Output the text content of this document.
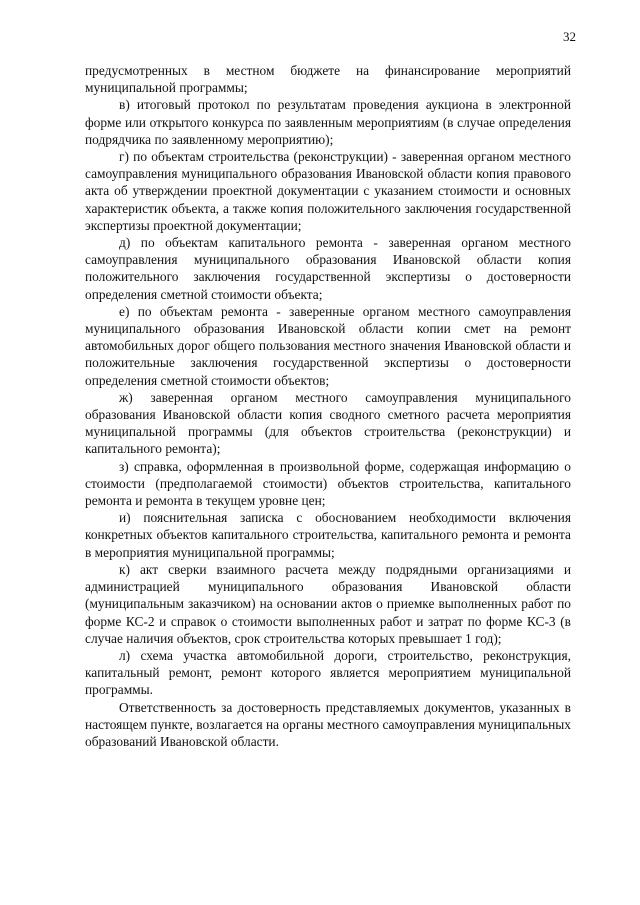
32

предусмотренных в местном бюджете на финансирование мероприятий муниципальной программы;

в) итоговый протокол по результатам проведения аукциона в электронной форме или открытого конкурса по заявленным мероприятиям (в случае определения подрядчика по заявленному мероприятию);

г) по объектам строительства (реконструкции) - заверенная органом местного самоуправления муниципального образования Ивановской области копия правового акта об утверждении проектной документации с указанием стоимости и основных характеристик объекта, а также копия положительного заключения государственной экспертизы проектной документации;

д) по объектам капитального ремонта - заверенная органом местного самоуправления муниципального образования Ивановской области копия положительного заключения государственной экспертизы о достоверности определения сметной стоимости объекта;

е) по объектам ремонта - заверенные органом местного самоуправления муниципального образования Ивановской области копии смет на ремонт автомобильных дорог общего пользования местного значения Ивановской области и положительные заключения государственной экспертизы о достоверности определения сметной стоимости объектов;

ж) заверенная органом местного самоуправления муниципального образования Ивановской области копия сводного сметного расчета мероприятия муниципальной программы (для объектов строительства (реконструкции) и капитального ремонта);

з) справка, оформленная в произвольной форме, содержащая информацию о стоимости (предполагаемой стоимости) объектов строительства, капитального ремонта и ремонта в текущем уровне цен;

и) пояснительная записка с обоснованием необходимости включения конкретных объектов капитального строительства, капитального ремонта и ремонта в мероприятия муниципальной программы;

к) акт сверки взаимного расчета между подрядными организациями и администрацией муниципального образования Ивановской области (муниципальным заказчиком) на основании актов о приемке выполненных работ по форме КС-2 и справок о стоимости выполненных работ и затрат по форме КС-3 (в случае наличия объектов, срок строительства которых превышает 1 год);

л) схема участка автомобильной дороги, строительство, реконструкция, капитальный ремонт, ремонт которого является мероприятием муниципальной программы.

Ответственность за достоверность представляемых документов, указанных в настоящем пункте, возлагается на органы местного самоуправления муниципальных образований Ивановской области.
